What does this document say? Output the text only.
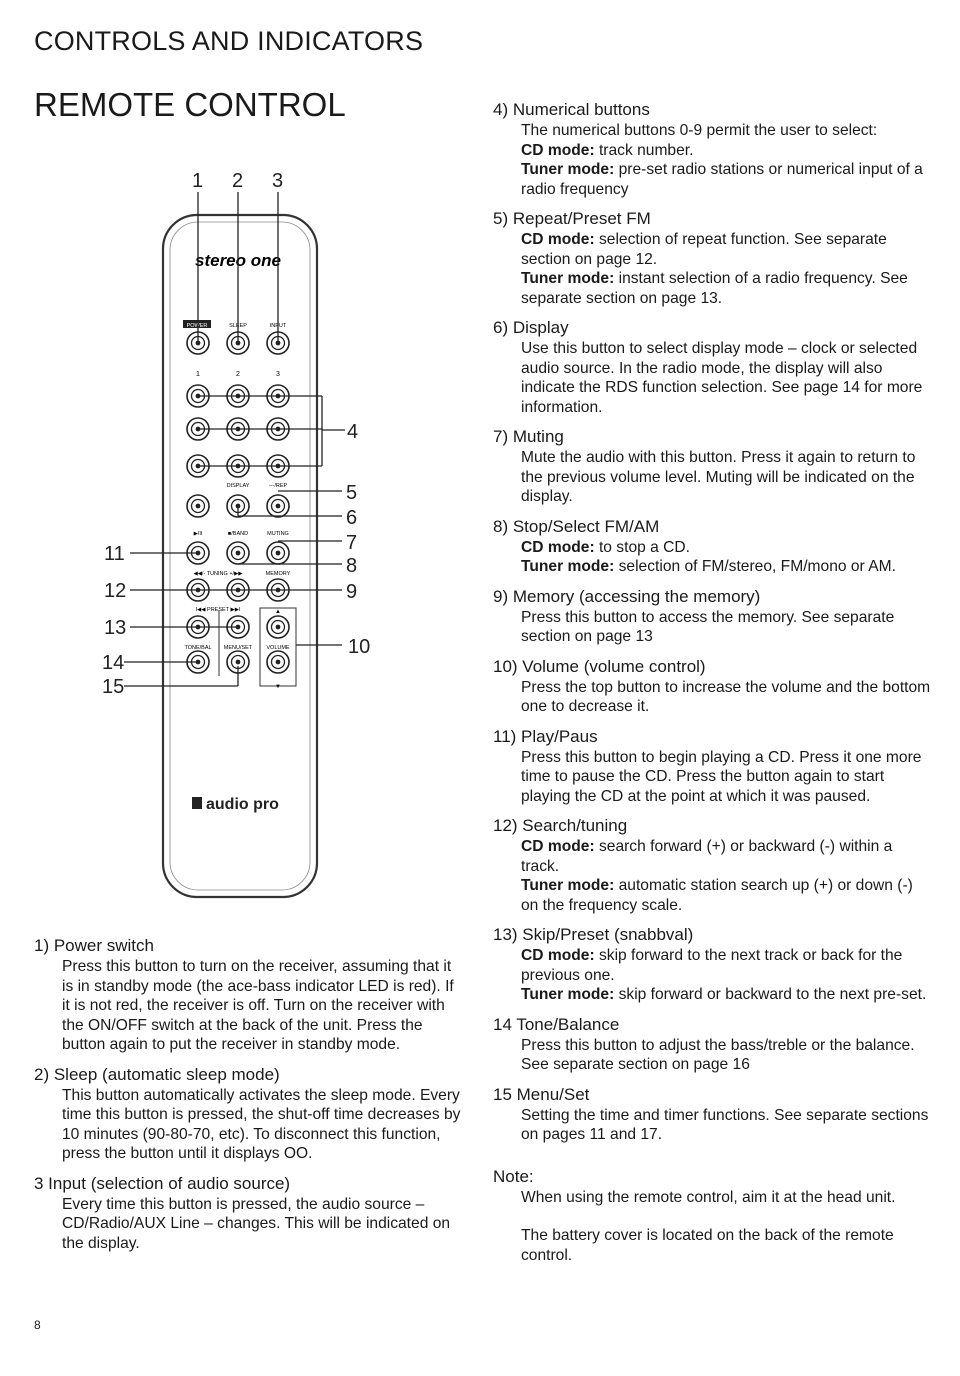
CONTROLS AND INDICATORS
REMOTE CONTROL
stereo one
POWER	SLEEP	INPUT
1	2	3
DISPLAY	---/REP
▶/II	■/BAND	MUTING
◀◀/- TUNING +/▶▶	MEMORY
I◀◀ PRESET ▶▶I
TONE/BAL MENU/SET	VOLUME
▲
▼
1 2 3
4
5
6
7
8
9
10
11
12
13
14
15
audio pro
1) Power switch

Press this button to turn on the receiver, assuming that it is in standby mode (the ace-bass indicator LED is red). If it is not red, the receiver is off. Turn on the receiver with the ON/OFF switch at the back of the unit. Press the button again to put the receiver in standby mode.

2) Sleep (automatic sleep mode)

This button automatically activates the sleep mode. Every time this button is pressed, the shut-off time decreases by 10 minutes (90-80-70, etc). To disconnect this function, press the button until it displays OO.

3 Input (selection of audio source)

Every time this button is pressed, the audio source – CD/Radio/AUX Line – changes. This will be indicated on the display.

4) Numerical buttons

The numerical buttons 0-9 permit the user to select:

CD mode: track number.

Tuner mode: pre-set radio stations or numerical input of a radio frequency

5) Repeat/Preset FM

CD mode: selection of repeat function. See separate section on page 12.

Tuner mode: instant selection of a radio frequency. See separate section on page 13.

6) Display

Use this button to select display mode – clock or selected audio source. In the radio mode, the display will also indicate the RDS function selection. See page 14 for more information.

7) Muting

Mute the audio with this button. Press it again to return to the previous volume level. Muting will be indicated on the display.

8) Stop/Select FM/AM

CD mode: to stop a CD.

Tuner mode: selection of FM/stereo, FM/mono or AM.

9) Memory (accessing the memory)

Press this button to access the memory. See separate section on page 13

10) Volume (volume control)

Press the top button to increase the volume and the bottom one to decrease it.

11) Play/Paus

Press this button to begin playing a CD. Press it one more time to pause the CD. Press the button again to start playing the CD at the point at which it was paused.

12) Search/tuning

CD mode: search forward (+) or backward (-) within a track.

Tuner mode: automatic station search up (+) or down (-) on the frequency scale.

13) Skip/Preset (snabbval)

CD mode: skip forward to the next track or back for the previous one.

Tuner mode: skip forward or backward to the next pre-set.

14 Tone/Balance

Press this button to adjust the bass/treble or the balance. See separate section on page 16

15 Menu/Set

Setting the time and timer functions. See separate sections on pages 11 and 17.

Note:

When using the remote control, aim it at the head unit.

The battery cover is located on the back of the remote control.

8
